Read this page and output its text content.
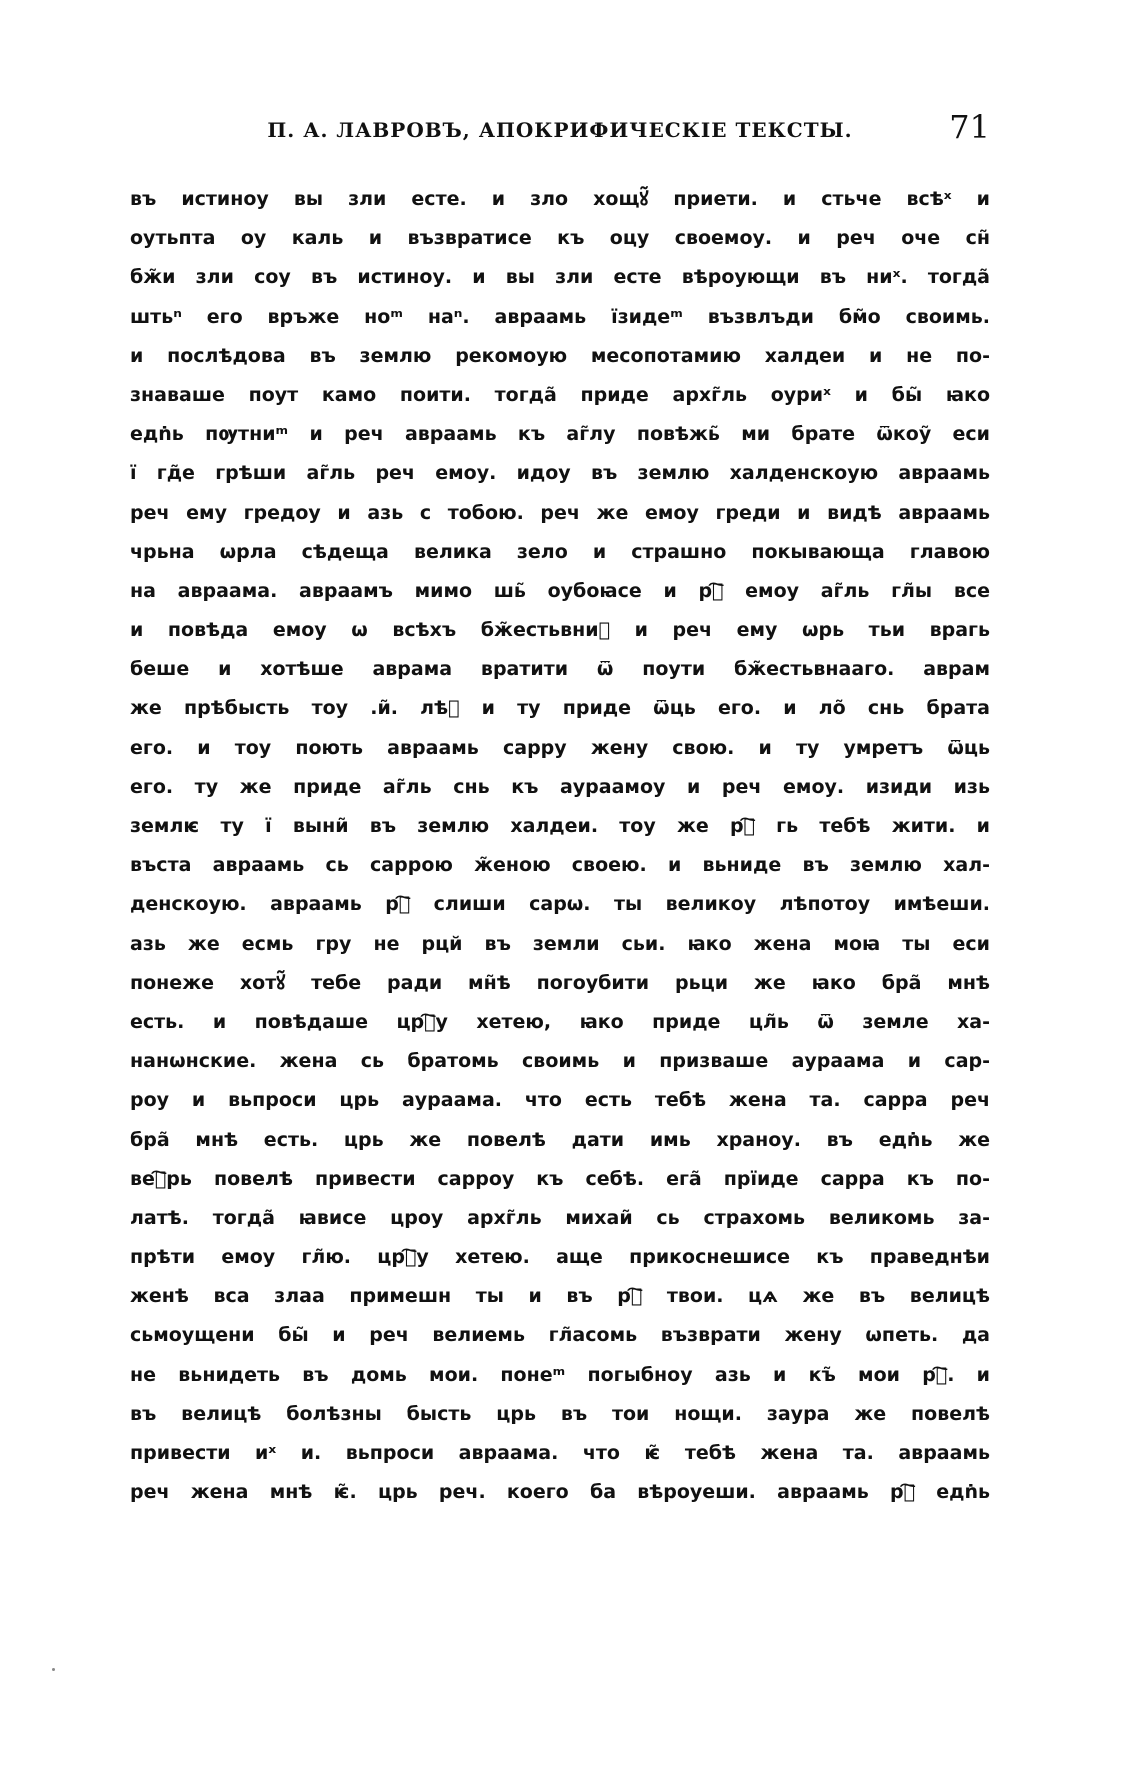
П. А. ЛАВРОВЪ, АПОКРИФИЧЕСКІЕ ТЕКСТЫ.	71
въ истиноу вы зли есте. и зло хощꙋ̃ приети. и стьче всѣˣ и
оутьпта оу каль и възвратисе къ оцу своемоу. и реч оче сн̃
бж̃и зли соу въ истиноу. и вы зли есте вѣроующи въ ниˣ. тогда̃
штьⁿ его връже ноᵐ наⁿ. авраамь їзидеᵐ възвлъди бм̃о своимь.
и послѣдова въ землю рекомоую месопотамию халдеи и не по-
знаваше поут камо поити. тогда̃ приде архг̃ль оуриˣ и бы̃ ꙗко
едṅь пѹтниᵐ и реч авраамь къ аг̃лу повѣжь̃ ми брате ѿкоу̃ еси
ї гд̃е грѣши аг̃ль реч емоу. идоу въ землю халденскоую авраамь
реч ему гредоу и азь с тобою. реч же емоу греди и видѣ авраамь
чрьна ѡрла сѣдеща велика зело и страшно покывающа главою
на авраама. авраамъ мимо шь̃ оубоꙗсе и рⷱ҇ емоу аг̃ль гл̃ы все
и повѣда емоу ѡ всѣхъ бж̃естьвниⷯ и реч ему ѡрь тьи врагь
беше и хотѣше аврама вратити ѿ поути бж̃естьвнааго. аврам
же прѣбысть тоу .и̃. лѣⷮ и ту приде ѿць его. и ло̃ снь брата
его. и тоу поють авраамь сарру жену свою. и ту умретъ ѿць
его. ту же приде аг̃ль снь къ аураамоу и реч емоу. изиди изь
землѥ ту ї выни̃ въ землю халдеи. тоу же рⷱ҇ гь тебѣ жити. и
въста авраамь сь саррою ж̃еною своею. и вьниде въ землю хал-
денскоую. авраамь рⷱ҇ слиши сарѡ. ты великоу лѣпотоу имѣеши.
азь же есмь гру не рцй въ земли сьи. ꙗко жена моꙗ ты еси
понеже хотꙋ̃ тебе ради мн̃ѣ погоубити рьци же ꙗко бра̃ мнѣ
есть. и повѣдаше црⷪ҇у хетею, ꙗко приде цл̃ь ѿ земле ха-
нанѡнские. жена сь братомь своимь и призваше аураама и сар-
роу и вьпроси црь аураама. что есть тебѣ жена та. сарра реч
бра̃ мнѣ есть. црь же повелѣ дати имь храноу. въ едṅь же
веⷱ҇рь повелѣ привести сарроу къ себѣ. ега̃ прїиде сарра къ по-
латѣ. тогда̃ ꙗвисе цроу архг̃ль михаи̃ сь страхомь великомь за-
прѣти емоу гл̃ю. црⷪ҇у хетею. аще прикоснешисе къ праведнѣи
женѣ вса злаа примешн ты и въ рⷪ҇ твои. цѧ же въ велицѣ
сьмоущени бы̃ и реч велиемь гл̃асомь възврати жену ѡпеть. да
не вьнидеть въ домь мои. понеᵐ погыбноу азь и къ̃ мои рⷪ҇. и
въ велицѣ болѣзны бысть црь въ тои нощи. заура же повелѣ
привести иˣ и. вьпроси авраама. что ѥ̃ тебѣ жена та. авраамь
реч жена мнѣ ѥ̃. црь реч. коего ба вѣроуеши. авраамь рⷱ҇ едṅь
